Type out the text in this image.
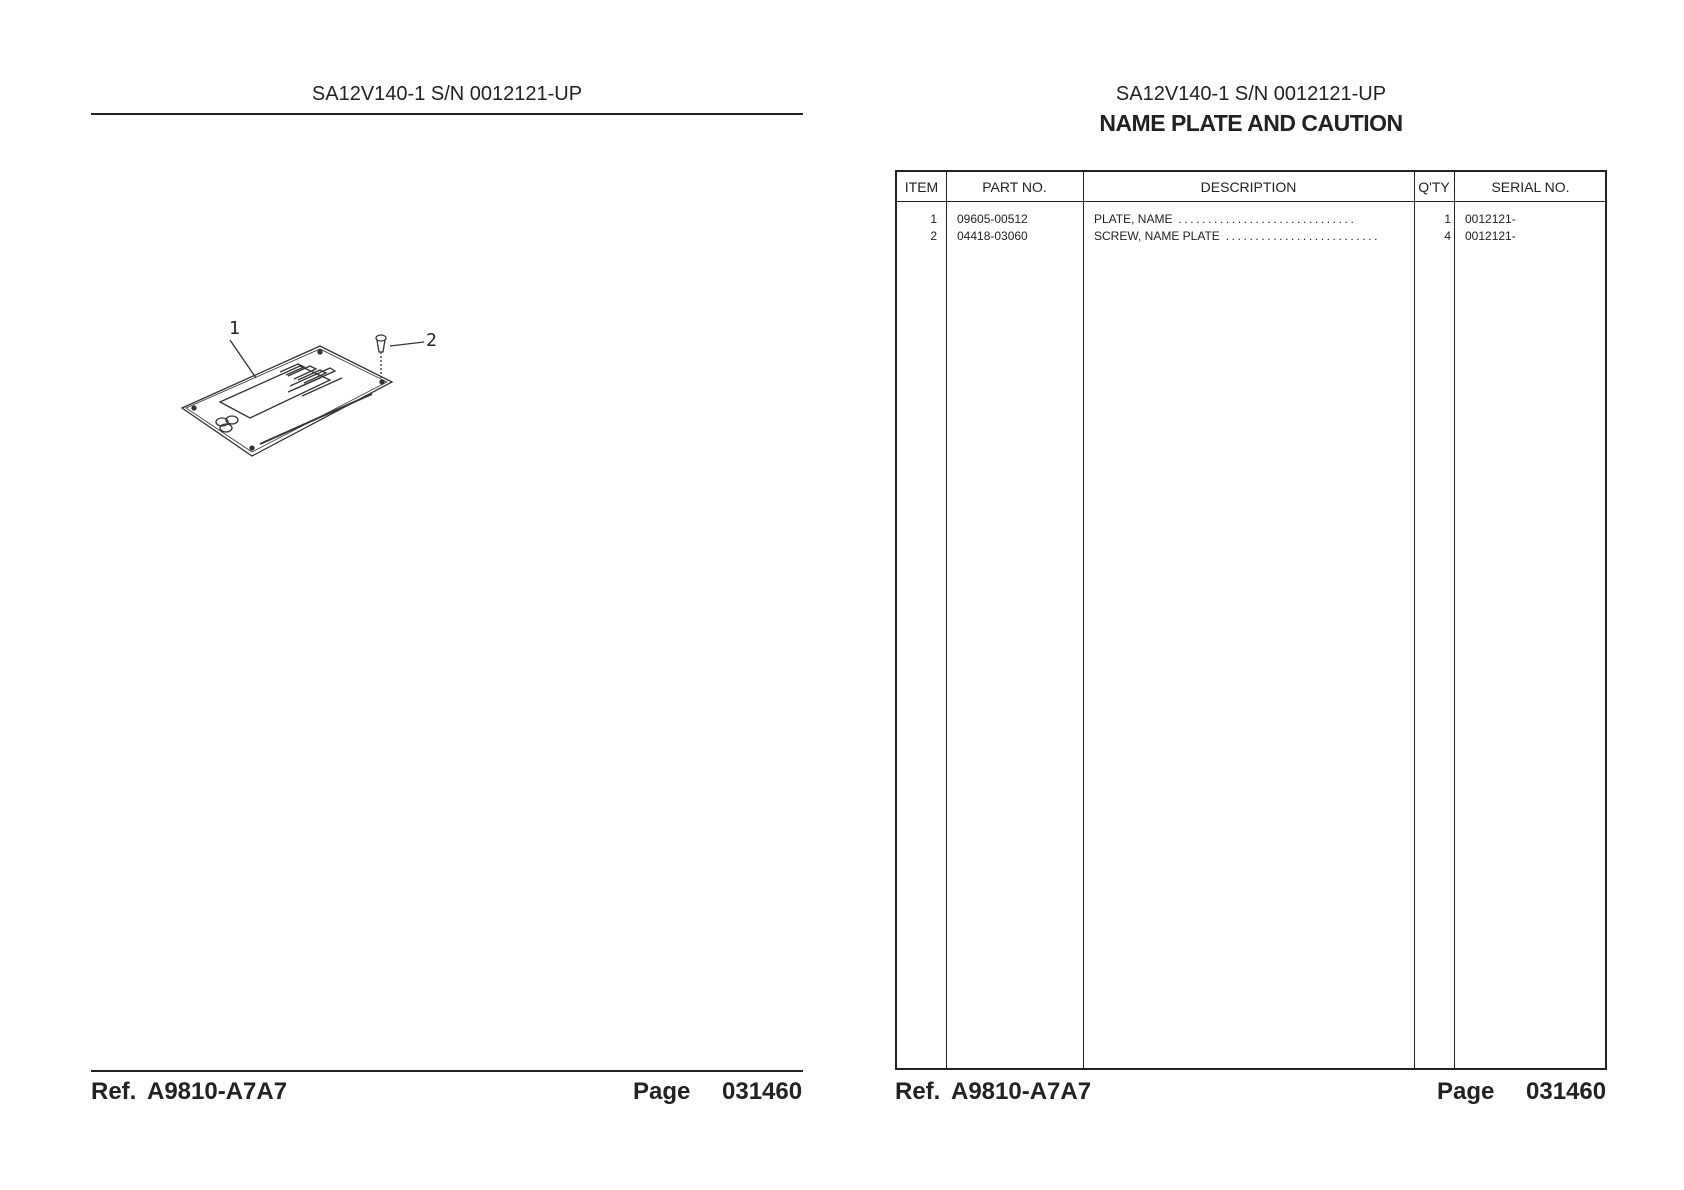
SA12V140-1 S/N 0012121-UP
1
2
Ref. A9810-A7A7	Page 031460
SA12V140-1 S/N 0012121-UP
NAME PLATE AND CAUTION
ITEM	PART NO.	DESCRIPTION	Q'TY	SERIAL NO.
1 09605-00512	PLATE, NAME ..............................	1 0012121-
2 04418-03060	SCREW, NAME PLATE ..........................	4 0012121-
Ref. A9810-A7A7	Page 031460
